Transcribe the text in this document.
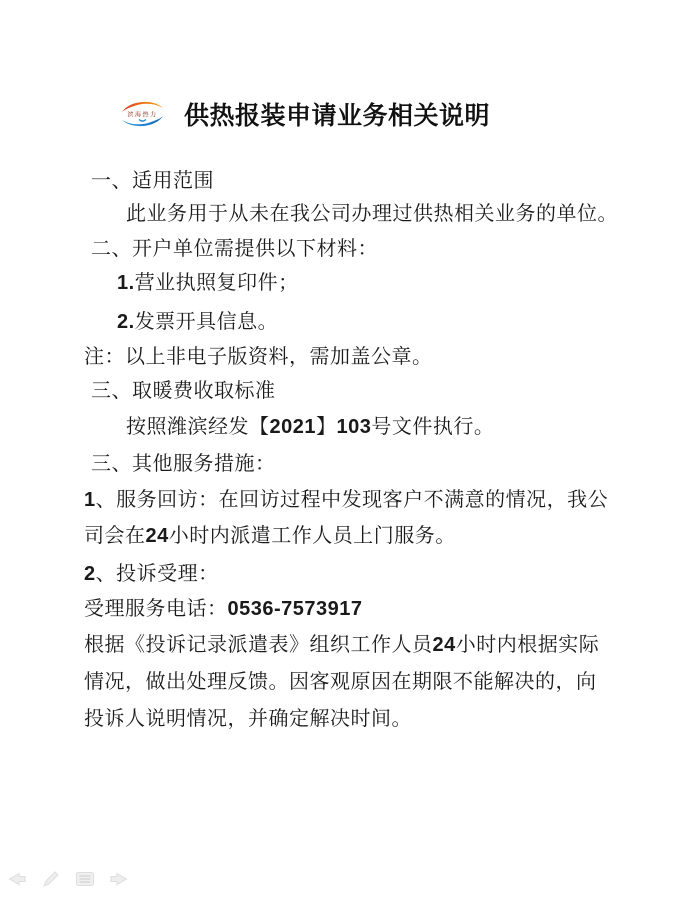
滨海热力 供热报装申请业务相关说明
一、适用范围
此业务用于从未在我公司办理过供热相关业务的单位。
二、开户单位需提供以下材料：
1.营业执照复印件；
2.发票开具信息。
注：以上非电子版资料，需加盖公章。
三、取暖费收取标准
按照潍滨经发【2021】103号文件执行。
三、其他服务措施：
1、服务回访：在回访过程中发现客户不满意的情况，我公
司会在24小时内派遣工作人员上门服务。
2、投诉受理：
受理服务电话：0536-7573917
根据《投诉记录派遣表》组织工作人员24小时内根据实际
情况，做出处理反馈。因客观原因在期限不能解决的，向
投诉人说明情况，并确定解决时间。
